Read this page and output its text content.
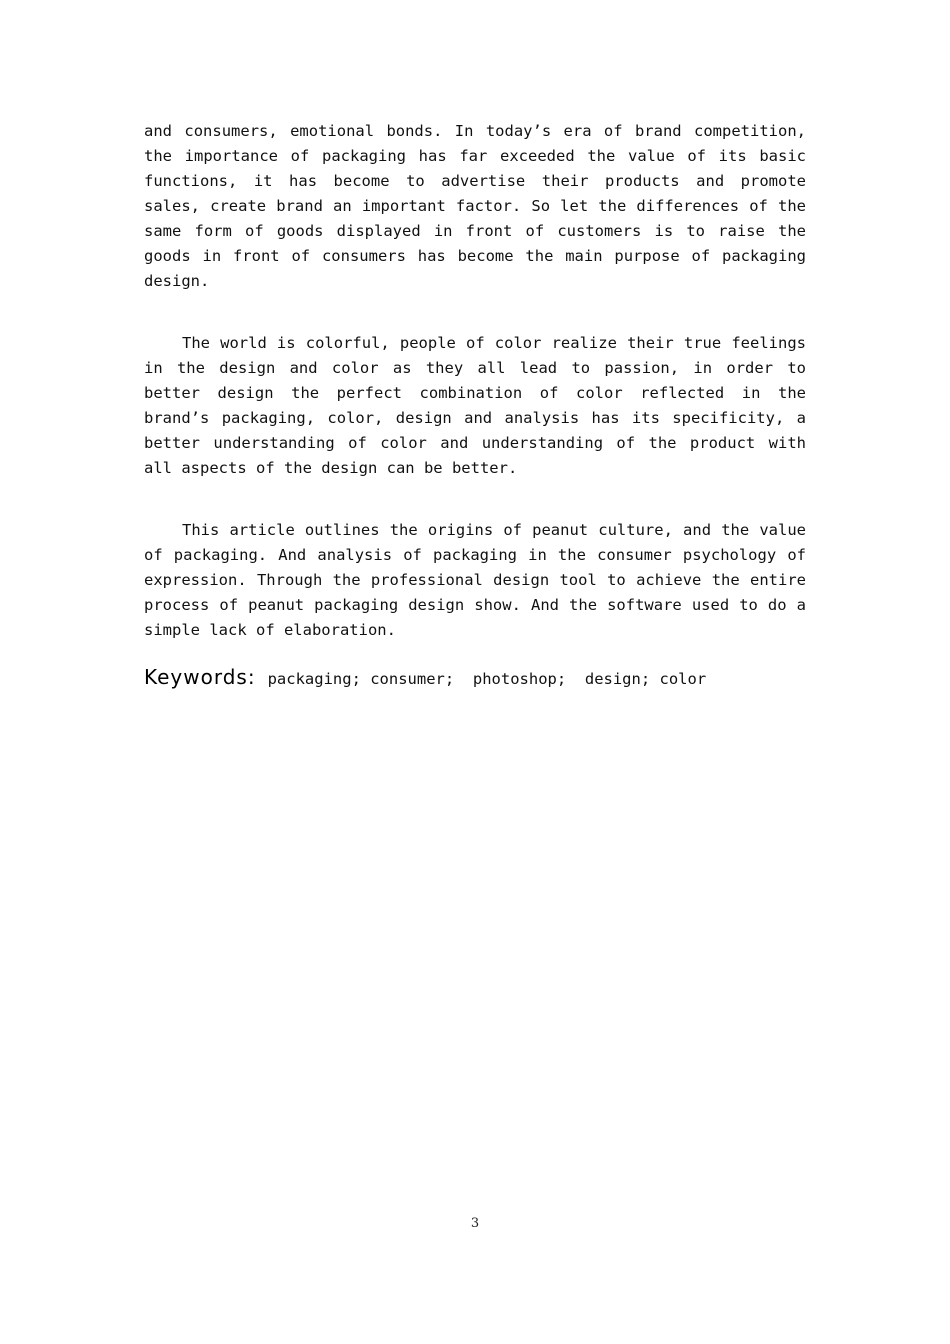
and consumers, emotional bonds. In today’s era of brand competition, the importance of packaging has far exceeded the value of its basic functions, it has become to advertise their products and promote sales, create brand an important factor. So let the differences of the same form of goods displayed in front of customers is to raise the goods in front of consumers has become the main purpose of packaging design.

The world is colorful, people of color realize their true feelings in the design and color as they all lead to passion, in order to better design the perfect combination of color reflected in the brand’s packaging, color, design and analysis has its specificity, a better understanding of color and understanding of the product with all aspects of the design can be better.

This article outlines the origins of peanut culture, and the value of packaging. And analysis of packaging in the consumer psychology of expression. Through the professional design tool to achieve the entire process of peanut packaging design show. And the software used to do a simple lack of elaboration.

Keywords: packaging; consumer;  photoshop;  design; color
3
